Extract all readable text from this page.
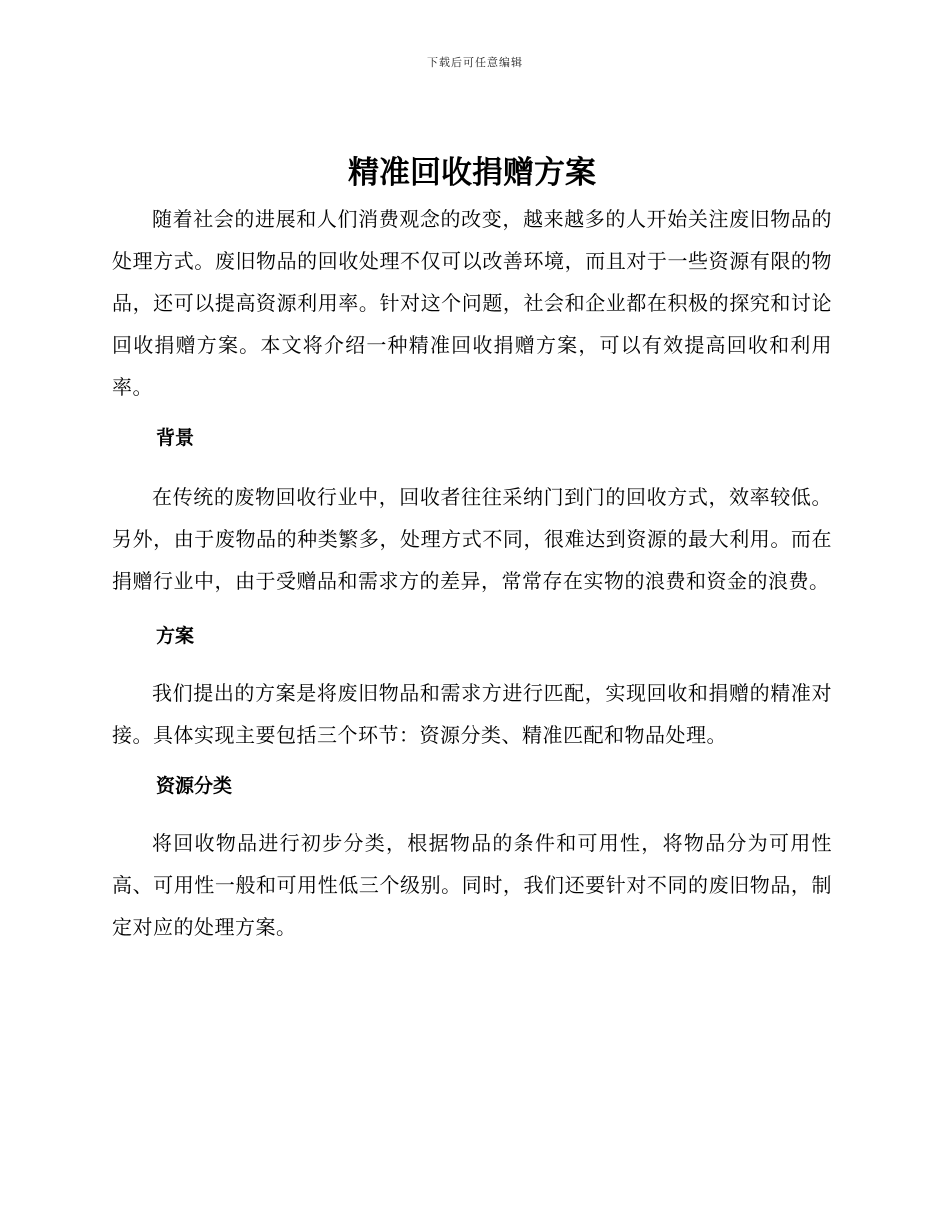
下载后可任意编辑
精准回收捐赠方案

随着社会的进展和人们消费观念的改变，越来越多的人开始关注废旧物品的处理方式。废旧物品的回收处理不仅可以改善环境，而且对于一些资源有限的物品，还可以提高资源利用率。针对这个问题，社会和企业都在积极的探究和讨论回收捐赠方案。本文将介绍一种精准回收捐赠方案，可以有效提高回收和利用率。

背景

在传统的废物回收行业中，回收者往往采纳门到门的回收方式，效率较低。另外，由于废物品的种类繁多，处理方式不同，很难达到资源的最大利用。而在捐赠行业中，由于受赠品和需求方的差异，常常存在实物的浪费和资金的浪费。

方案

我们提出的方案是将废旧物品和需求方进行匹配，实现回收和捐赠的精准对接。具体实现主要包括三个环节：资源分类、精准匹配和物品处理。

资源分类

将回收物品进行初步分类，根据物品的条件和可用性，将物品分为可用性高、可用性一般和可用性低三个级别。同时，我们还要针对不同的废旧物品，制定对应的处理方案。
